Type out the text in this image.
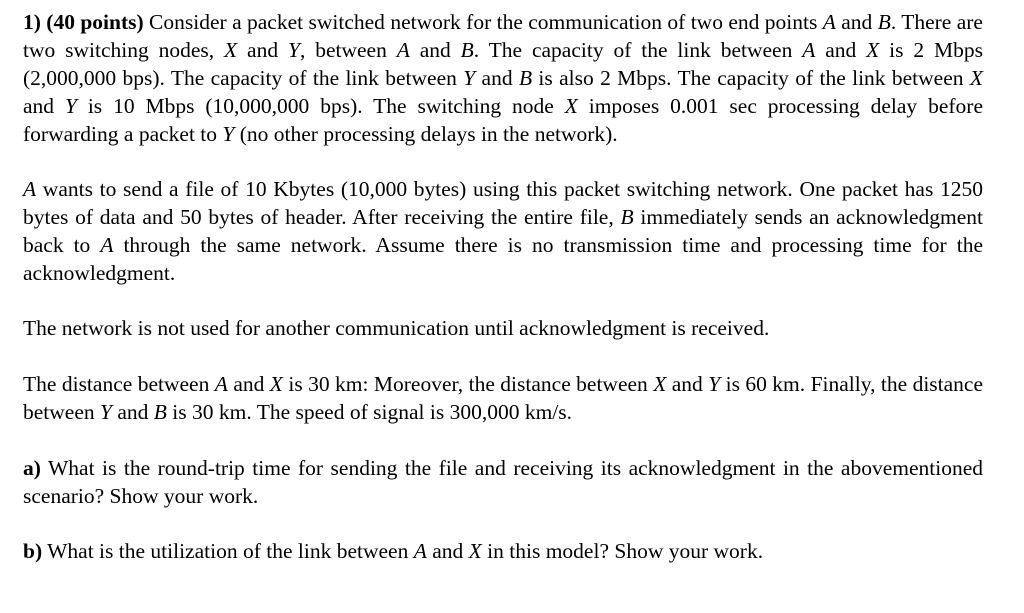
1) (40 points) Consider a packet switched network for the communication of two end points A and B. There are two switching nodes, X and Y, between A and B. The capacity of the link between A and X is 2 Mbps (2,000,000 bps). The capacity of the link between Y and B is also 2 Mbps. The capacity of the link between X and Y is 10 Mbps (10,000,000 bps). The switching node X imposes 0.001 sec processing delay before forwarding a packet to Y (no other processing delays in the network).

A wants to send a file of 10 Kbytes (10,000 bytes) using this packet switching network. One packet has 1250 bytes of data and 50 bytes of header. After receiving the entire file, B immediately sends an acknowledgment back to A through the same network. Assume there is no transmission time and processing time for the acknowledgment.

The network is not used for another communication until acknowledgment is received.

The distance between A and X is 30 km: Moreover, the distance between X and Y is 60 km. Finally, the distance between Y and B is 30 km. The speed of signal is 300,000 km/s.

a) What is the round-trip time for sending the file and receiving its acknowledgment in the abovementioned scenario? Show your work.

b) What is the utilization of the link between A and X in this model? Show your work.
